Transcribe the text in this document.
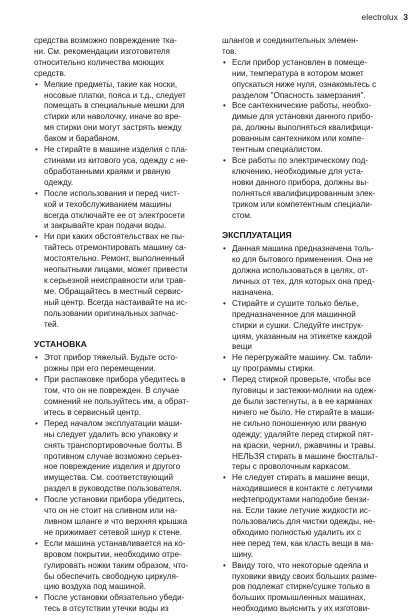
electrolux 3

средства возможно повреждение тка-
ни. См. рекомендации изготовителя
относительно количества моющих
средств.

• Мелкие предметы, такие как носки,
носовые платки, пояса и т.д., следует
помещать в специальные мешки для
стирки или наволочку, иначе во вре-
мя стирки они могут застрять между
баком и барабаном.
• Не стирайте в машине изделия с пла-
стинами из китового уса, одежду с не-
обработанными краями и рваную
одежду.
• После использования и перед чист-
кой и техобслуживанием машины
всегда отключайте ее от электросети
и закрывайте кран подачи воды.
• Ни при каких обстоятельствах не пы-
тайтесь отремонтировать машину са-
мостоятельно. Ремонт, выполненный
неопытными лицами, может привести
к серьезной неисправности или трав-
ме. Обращайтесь в местный сервис-
ный центр. Всегда настаивайте на ис-
пользовании оригинальных запчас-
тей.
УСТАНОВКА
• Этот прибор тяжелый. Будьте осто-
рожны при его перемещении.
• При распаковке прибора убедитесь в
том, что он не поврежден. В случае
сомнений не пользуйтесь им, а обрат-
итесь в сервисный центр.
• Перед началом эксплуатации маши-
ны следует удалить всю упаковку и
снять транспортировочные болты. В
противном случае возможно серьез-
ное повреждение изделия и другого
имущества. См. соответствующий
раздел в руководстве пользователя.
• После установки прибора убедитесь,
что он не стоит на сливном или на-
ливном шланге и что верхняя крышка
не прижимает сетевой шнур к стене.
• Если машина устанавливается на ко-
вровом покрытии, необходимо отре-
гулировать ножки таким образом, что-
бы обеспечить свободную циркуля-
цию воздуха под машиной.
• После установки обязательно убеди-
тесь в отсутствии утечки воды из

шлангов и соединительных элемен-
тов.

• Если прибор установлен в помеще-
нии, температура в котором может
опускаться ниже нуля, ознакомьтесь с
разделом "Опасность замерзания".
• Все сантехнические работы, необхо-
димые для установки данного прибо-
ра, должны выполняться квалифици-
рованным сантехником или компе-
тентным специалистом.
• Все работы по электрическому под-
ключению, необходимые для уста-
новки данного прибора, должны вы-
полняться квалифицированным элек-
триком или компетентным специали-
стом.
ЭКСПЛУАТАЦИЯ
• Данная машина предназначена толь-
ко для бытового применения. Она не
должна использоваться в целях, от-
личных от тех, для которых она пред-
назначена.
• Стирайте и сушите только белье,
предназначенное для машинной
стирки и сушки. Следуйте инструк-
циям, указанным на этикетке каждой
вещи
• Не перегружайте машину. См. табли-
цу программы стирки.
• Перед стиркой проверьте, чтобы все
пуговицы и застежки-молнии на одеж-
де были застегнуты, а в ее карманах
ничего не было. Не стирайте в маши-
не сильно поношенную или рваную
одежду; удаляйте перед стиркой пят-
на краски, чернил, ржавчины и травы.
НЕЛЬЗЯ стирать в машине бюстгальт-
теры с проволочным каркасом.
• Не следует стирать в машине вещи,
находившиеся в контакте с летучими
нефтепродуктами наподобие бензи-
на. Если такие летучие жидкости ис-
пользовались для чистки одежды, не-
обходимо полностью удалить их с
нее перед тем, как класть вещи в ма-
шину.
• Ввиду того, что некоторые одеяла и
пуховики ввиду своих больших разме-
ров подлежат стирке/сушке только в
больших промышленных машинах,
необходимо выяснить у их изготови-
